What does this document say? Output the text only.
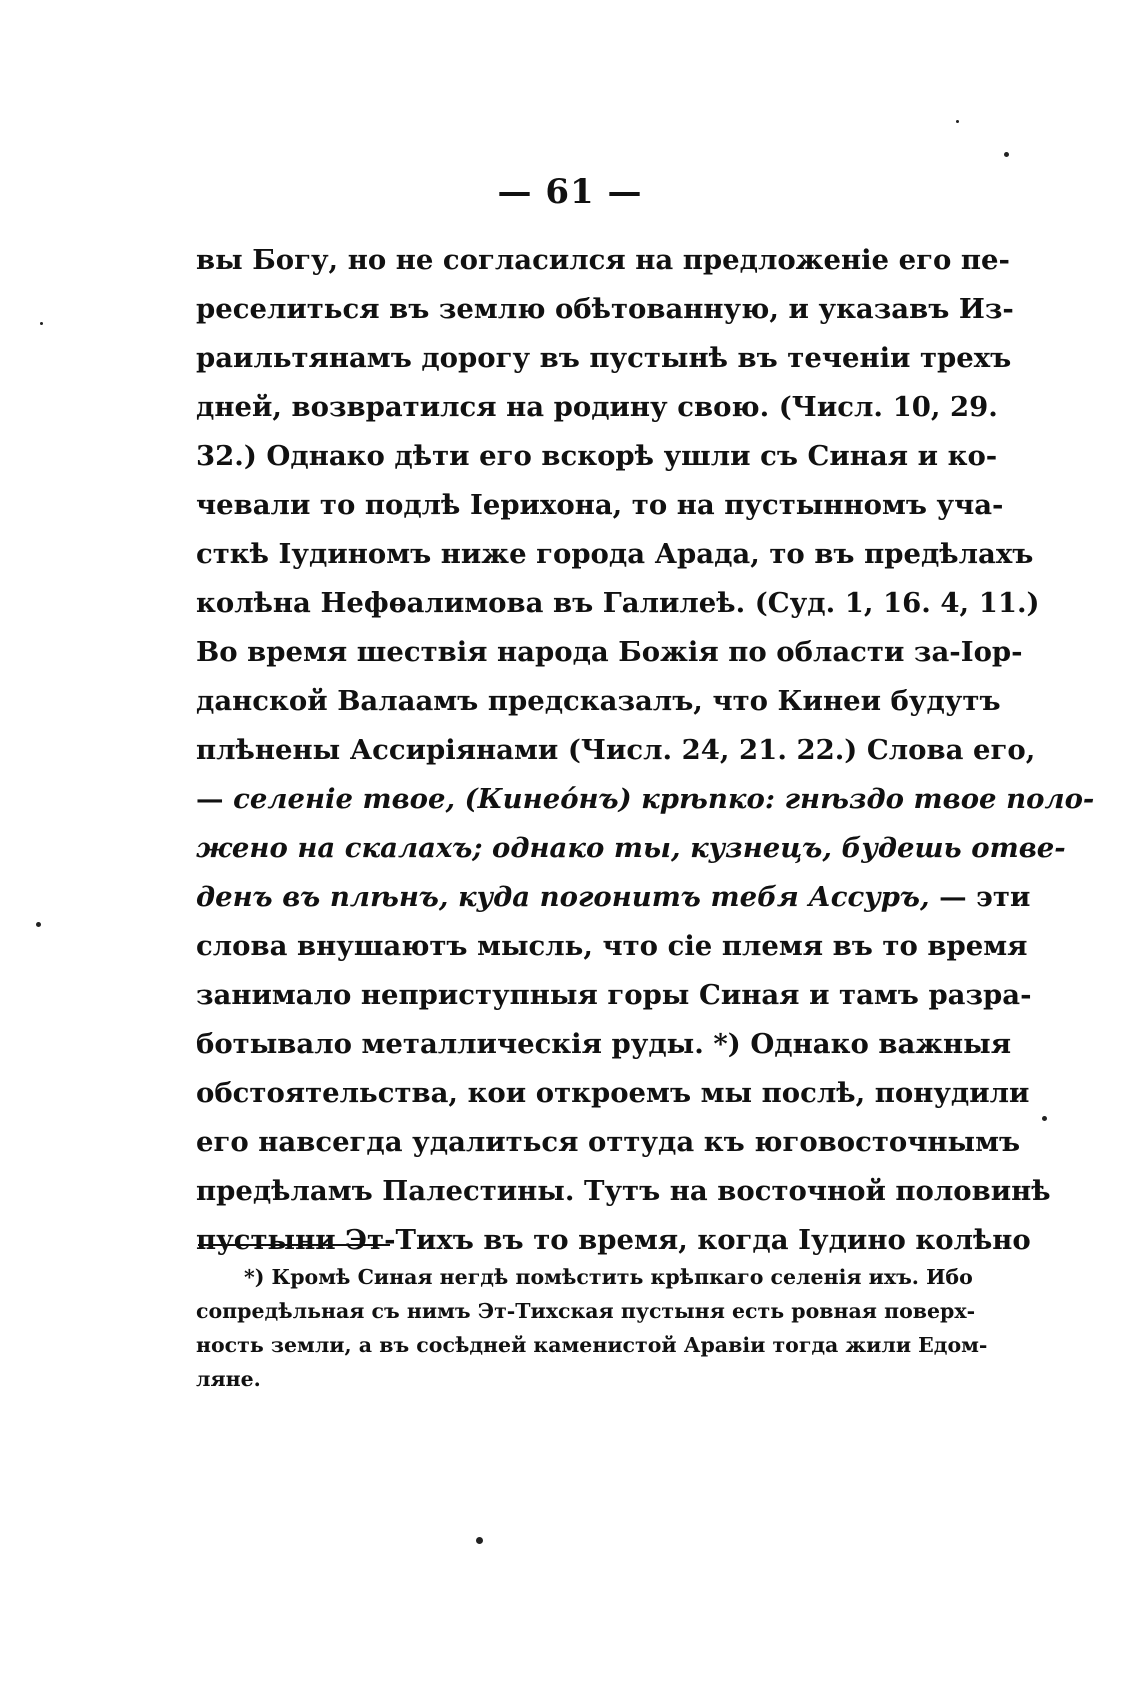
— 61 —
вы Богу, но не согласился на предложеніе его пе-
реселиться въ землю обѣтованную, и указавъ Из-
раильтянамъ дорогу въ пустынѣ въ теченіи трехъ
дней, возвратился на родину свою. (Числ. 10, 29.
32.) Однако дѣти его вскорѣ ушли съ Синая и ко-
чевали то подлѣ Іерихона, то на пустынномъ уча-
сткѣ Іудиномъ ниже города Арада, то въ предѣлахъ
колѣна Нефѳалимова въ Галилеѣ. (Суд. 1, 16. 4, 11.)
Во время шествія народа Божія по области за-Іор-
данской Валаамъ предсказалъ, что Кинеи будутъ
плѣнены Ассиріянами (Числ. 24, 21. 22.) Слова его,
— селеніе твое, (Кинеόнъ) крѣпко: гнѣздо твое поло-
жено на скалахъ; однако ты, кузнецъ, будешь отве-
денъ въ плѣнъ, куда погонитъ тебя Ассуръ, — эти
слова внушаютъ мысль, что сіе племя въ то время
занимало неприступныя горы Синая и тамъ разра-
ботывало металлическія руды. *) Однако важныя
обстоятельства, кои откроемъ мы послѣ, понудили
его навсегда удалиться оттуда къ юговосточнымъ
предѣламъ Палестины. Тутъ на восточной половинѣ
пустыни Эт-Тихъ въ то время, когда Іудино колѣно
*) Кромѣ Синая негдѣ помѣстить крѣпкаго селенія ихъ. Ибо
сопредѣльная съ нимъ Эт-Тихская пустыня есть ровная поверх-
ность земли, а въ сосѣдней каменистой Аравіи тогда жили Едом-
ляне.
